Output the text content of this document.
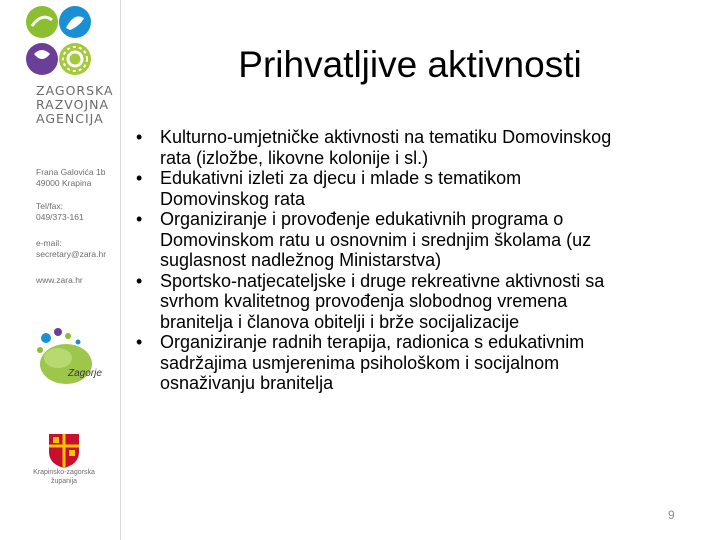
ZAGORSKA
RAZVOJNA
AGENCIJA
Frana Galovića 1b
49000 Krapina
Tel/fax:
049/373-161
e-mail:
secretary@zara.hr
www.zara.hr
Zagorje
Krapinsko-zagorska
županija
Prihvatljive aktivnosti
• Kulturno-umjetničke aktivnosti na tematiku Domovinskog
rata (izložbe, likovne kolonije i sl.)
• Edukativni izleti za djecu i mlade s tematikom
Domovinskog rata
• Organiziranje i provođenje edukativnih programa o
Domovinskom ratu u osnovnim i srednjim školama (uz
suglasnost nadležnog Ministarstva)
• Sportsko-natjecateljske i druge rekreativne aktivnosti sa
svrhom kvalitetnog provođenja slobodnog vremena
branitelja i članova obitelji i brže socijalizacije
• Organiziranje radnih terapija, radionica s edukativnim
sadržajima usmjerenima psihološkom i socijalnom
osnaživanju branitelja
9
